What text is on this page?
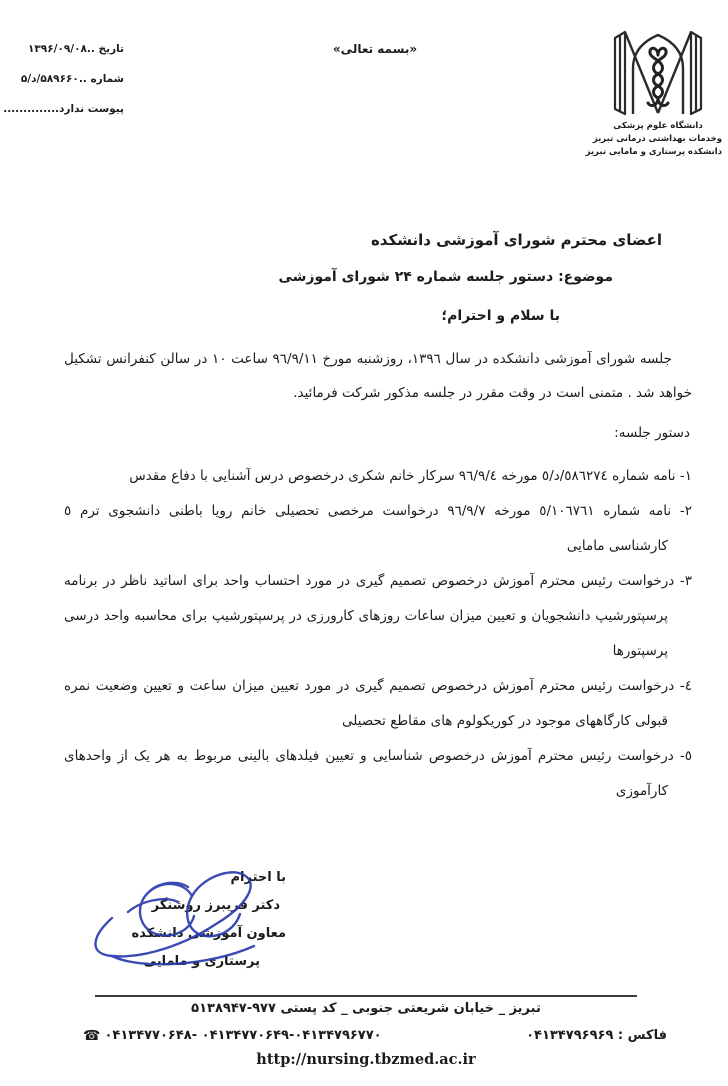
تاریخ ..۱۳۹۶/۰۹/۰۸
شماره ..۵۸۹۶۶۰/د/۵
پیوست ندارد..............
«بسمه تعالی»
دانشگاه علوم پزشکی
وخدمات بهداشتی درمانی تبریز
دانشکده پرستاری و مامایی تبریز
اعضای محترم شورای آموزشی دانشکده
موضوع: دستور جلسه شماره ۲۴ شورای آموزشی
با سلام و احترام؛
جلسه شورای آموزشی دانشکده در سال ١٣٩٦، روزشنبه مورخ ٩٦/٩/١١ ساعت ١٠ در سالن کنفرانس تشکیل خواهد شد . متمنی است در وقت مقرر در جلسه مذکور شرکت فرمائید.
دستور جلسه:
١- نامه شماره ٥٨٦٢٧٤/د/٥ مورخه ٩٦/٩/٤ سرکار خانم شکری درخصوص درس آشنایی با دفاع مقدس
٢- نامه شماره ٥/١٠٦٧٦١ مورخه ٩٦/٩/٧ درخواست مرخصی تحصیلی خانم رویا باطنی دانشجوی ترم ٥ کارشناسی مامایی
٣- درخواست رئیس محترم آموزش درخصوص تصمیم گیری در مورد احتساب واحد برای اساتید ناظر در برنامه پرسپتورشیپ دانشجویان و تعیین میزان ساعات روزهای کارورزی در پرسپتورشیپ برای محاسبه واحد درسی پرسپتورها
٤- درخواست رئیس محترم آموزش درخصوص تصمیم گیری در مورد تعیین میزان ساعت و تعیین وضعیت نمره قبولی کارگاههای موجود در کوریکولوم های مقاطع تحصیلی
٥- درخواست رئیس محترم آموزش درخصوص شناسایی و تعیین فیلدهای بالینی مربوط به هر یک از واحدهای کارآموزی
با احترام
دکتر فریبرز روشنگر
معاون آموزشی دانشکده
پرستاری و مامایی
تبریز _ خیابان شریعتی جنوبی _ کد پستی ۹۷۷-۵۱۳۸۹۴۷
☎ ۰۴۱۳۴۷۷۰۶۴۸- ۰۴۱۳۴۷۷۰۶۴۹-۰۴۱۳۴۷۹۶۷۷۰	فاکس : ۰۴۱۳۴۷۹۶۹۶۹
http://nursing.tbzmed.ac.ir
